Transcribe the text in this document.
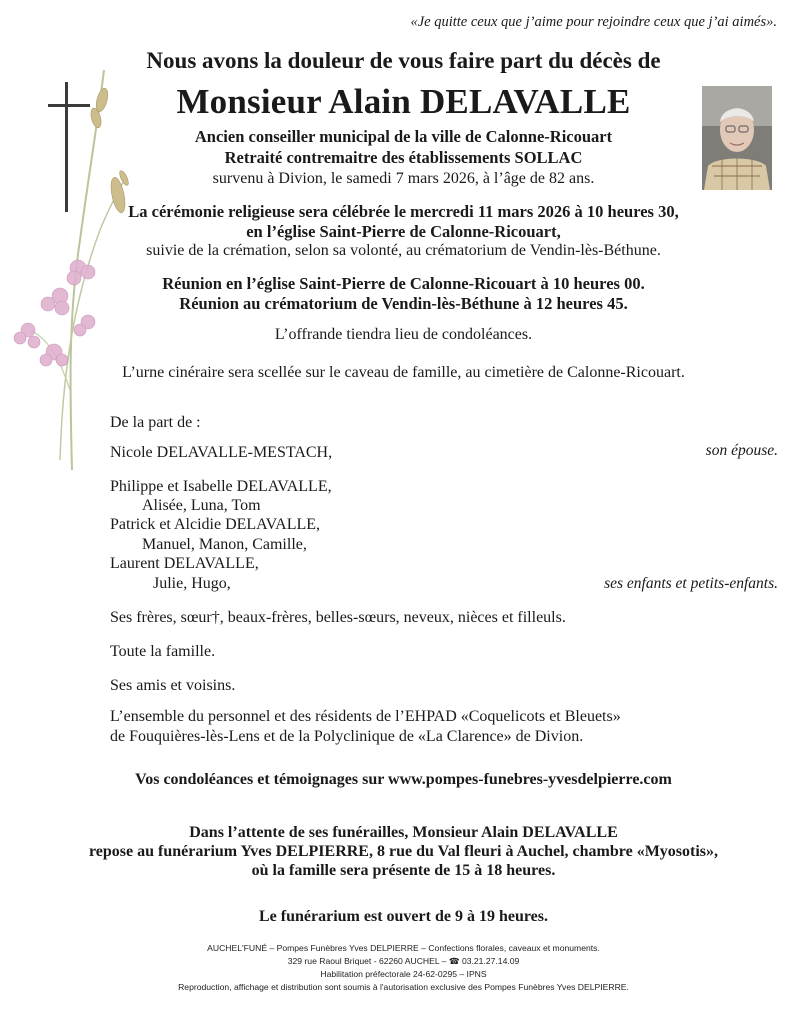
«Je quitte ceux que j’aime pour rejoindre ceux que j’ai aimés».
Nous avons la douleur de vous faire part du décès de
Monsieur Alain DELAVALLE
Ancien conseiller municipal de la ville de Calonne-Ricouart
Retraité contremaitre des établissements SOLLAC
survenu à Divion, le samedi 7 mars 2026, à l’âge de 82 ans.
La cérémonie religieuse sera célébrée le mercredi 11 mars 2026 à 10 heures 30,
en l’église Saint-Pierre de Calonne-Ricouart,
suivie de la crémation, selon sa volonté, au crématorium de Vendin-lès-Béthune.
Réunion en l’église Saint-Pierre de Calonne-Ricouart à 10 heures 00.
Réunion au crématorium de Vendin-lès-Béthune à 12 heures 45.
L’offrande tiendra lieu de condoléances.
L’urne cinéraire sera scellée sur le caveau de famille, au cimetière de Calonne-Ricouart.
De la part de :
Nicole DELAVALLE-MESTACH,	son épouse.
Philippe et Isabelle DELAVALLE,
Alisée, Luna, Tom
Patrick et Alcidie DELAVALLE,
Manuel, Manon, Camille,
Laurent DELAVALLE,
Julie, Hugo,	ses enfants et petits-enfants.
Ses frères, sœur†, beaux-frères, belles-sœurs, neveux, nièces et filleuls.
Toute la famille.
Ses amis et voisins.
L’ensemble du personnel et des résidents de l’EHPAD «Coquelicots et Bleuets»
de Fouquières-lès-Lens et de la Polyclinique de «La Clarence» de Divion.
Vos condoléances et témoignages sur www.pompes-funebres-yvesdelpierre.com
Dans l’attente de ses funérailles, Monsieur Alain DELAVALLE
repose au funérarium Yves DELPIERRE, 8 rue du Val fleuri à Auchel, chambre «Myosotis»,
où la famille sera présente de 15 à 18 heures.
Le funérarium est ouvert de 9 à 19 heures.
AUCHEL'FUNÉ – Pompes Funèbres Yves DELPIERRE – Confections florales, caveaux et monuments.
329 rue Raoul Briquet - 62260 AUCHEL – ☎ 03.21.27.14.09
Habilitation préfectorale 24-62-0295 – IPNS
Reproduction, affichage et distribution sont soumis à l'autorisation exclusive des Pompes Funèbres Yves DELPIERRE.
